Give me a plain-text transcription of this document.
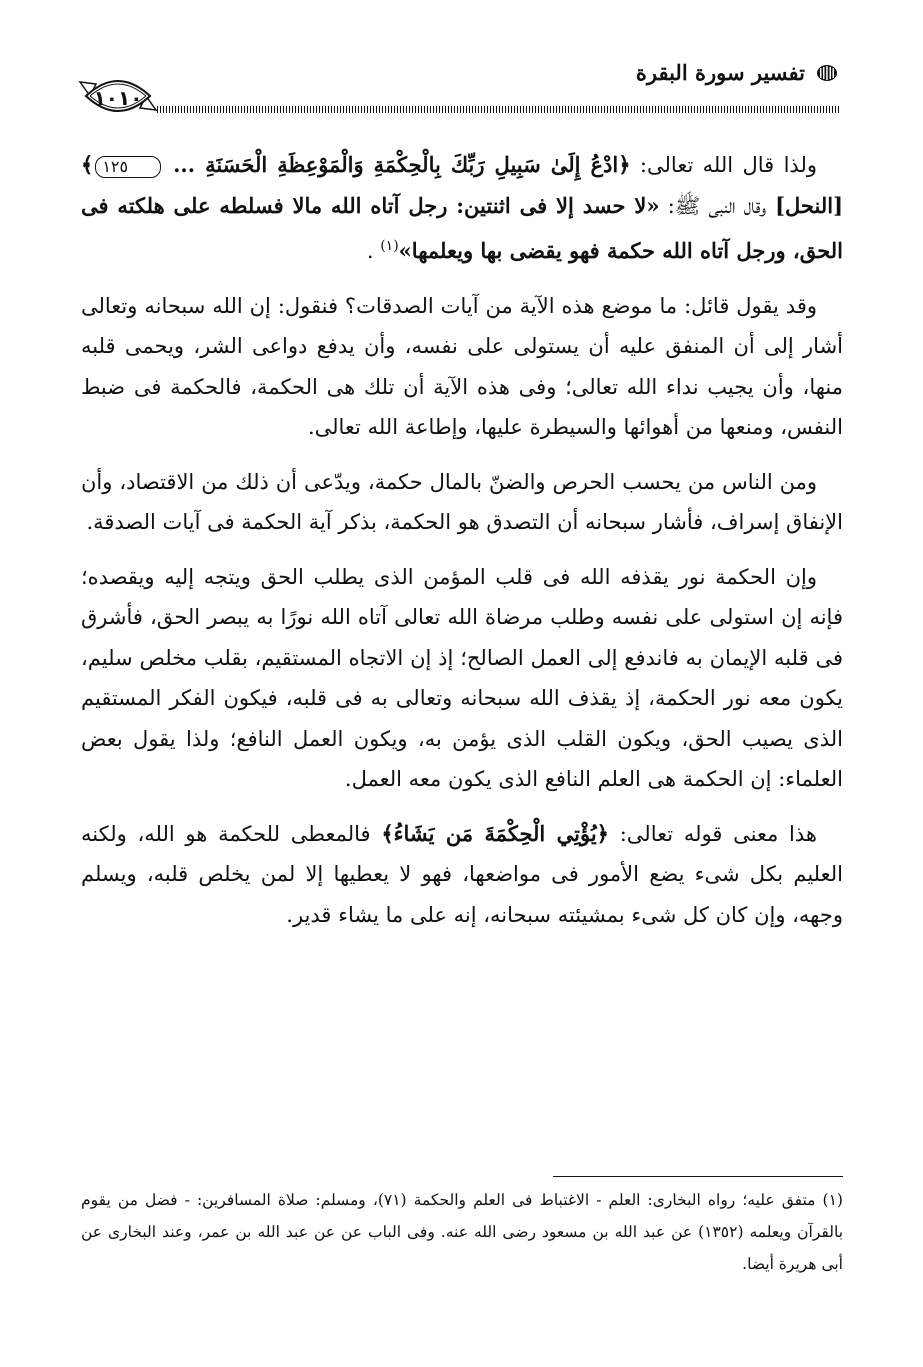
تفسير سورة البقرة
١٠١٠

ولذا قال الله تعالى: ﴿ادْعُ إِلَىٰ سَبِيلِ رَبِّكَ بِالْحِكْمَةِ وَالْمَوْعِظَةِ الْحَسَنَةِ ... ١٢٥﴾ [النحل] وقال النبى ﷺ: «لا حسد إلا فى اثنتين: رجل آتاه الله مالا فسلطه على هلكته فى الحق، ورجل آتاه الله حكمة فهو يقضى بها ويعلمها»$^{(١)}$ .

وقد يقول قائل: ما موضع هذه الآية من آيات الصدقات؟ فنقول: إن الله سبحانه وتعالى أشار إلى أن المنفق عليه أن يستولى على نفسه، وأن يدفع دواعى الشر، ويحمى قلبه منها، وأن يجيب نداء الله تعالى؛ وفى هذه الآية أن تلك هى الحكمة، فالحكمة فى ضبط النفس، ومنعها من أهوائها والسيطرة عليها، وإطاعة الله تعالى.

ومن الناس من يحسب الحرص والضنّ بالمال حكمة، ويدّعى أن ذلك من الاقتصاد، وأن الإنفاق إسراف، فأشار سبحانه أن التصدق هو الحكمة، بذكر آية الحكمة فى آيات الصدقة.

وإن الحكمة نور يقذفه الله فى قلب المؤمن الذى يطلب الحق ويتجه إليه ويقصده؛ فإنه إن استولى على نفسه وطلب مرضاة الله تعالى آتاه الله نورًا به يبصر الحق، فأشرق فى قلبه الإيمان به فاندفع إلى العمل الصالح؛ إذ إن الاتجاه المستقيم، بقلب مخلص سليم، يكون معه نور الحكمة، إذ يقذف الله سبحانه وتعالى به فى قلبه، فيكون الفكر المستقيم الذى يصيب الحق، ويكون القلب الذى يؤمن به، ويكون العمل النافع؛ ولذا يقول بعض العلماء: إن الحكمة هى العلم النافع الذى يكون معه العمل.

هذا معنى قوله تعالى: ﴿يُؤْتِي الْحِكْمَةَ مَن يَشَاءُ﴾ فالمعطى للحكمة هو الله، ولكنه العليم بكل شىء يضع الأمور فى مواضعها، فهو لا يعطيها إلا لمن يخلص قلبه، ويسلم وجهه، وإن كان كل شىء بمشيئته سبحانه، إنه على ما يشاء قدير.

(١) متفق عليه؛ رواه البخارى: العلم - الاغتباط فى العلم والحكمة (٧١)، ومسلم: صلاة المسافرين: - فضل من يقوم بالقرآن ويعلمه (١٣٥٢) عن عبد الله بن مسعود رضى الله عنه. وفى الباب عن عن عبد الله بن عمر، وعند البخارى عن أبى هريرة أيضا.
